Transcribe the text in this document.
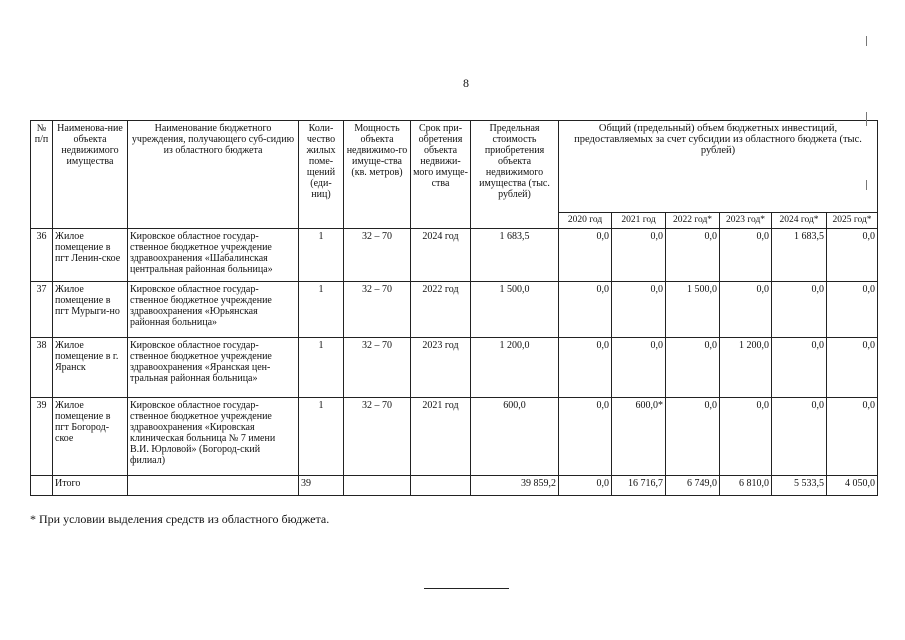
8
№ п/п	Наименова-ние объекта недвижимого имущества	Наименование бюджетного учреждения, получающего суб-сидию из областного бюджета	Коли-чество жилых поме-щений (еди-ниц)	Мощность объекта недвижимо-го имуще-ства (кв. метров)	Срок при-обретения объекта недвижи-мого имуще-ства	Предельная стоимость приобретения объекта недвижимого имущества (тыс. рублей)	Общий (предельный) объем бюджетных инвестиций, предоставляемых за счет субсидии из областного бюджета (тыс. рублей)					
							2020 год	2021 год	2022 год*	2023 год*	2024 год*	2025 год*
36	Жилое помещение в пгт Ленин-ское	Кировское областное государ-ственное бюджетное учреждение здравоохранения «Шабалинская центральная районная больница»	1	32 – 70	2024 год	1 683,5	0,0	0,0	0,0	0,0	1 683,5	0,0
37	Жилое помещение в пгт Мурыги-но	Кировское областное государ-ственное бюджетное учреждение здравоохранения «Юрьянская районная больница»	1	32 – 70	2022 год	1 500,0	0,0	0,0	1 500,0	0,0	0,0	0,0
38	Жилое помещение в г. Яранск	Кировское областное государ-ственное бюджетное учреждение здравоохранения «Яранская цен-тральная районная больница»	1	32 – 70	2023 год	1 200,0	0,0	0,0	0,0	1 200,0	0,0	0,0
39	Жилое помещение в пгт Богород-ское	Кировское областное государ-ственное бюджетное учреждение здравоохранения «Кировская клиническая больница № 7 имени В.И. Юрловой» (Богород-ский филиал)	1	32 – 70	2021 год	600,0	0,0	600,0*	0,0	0,0	0,0	0,0
	Итого		39			39 859,2	0,0	16 716,7	6 749,0	6 810,0	5 533,5	4 050,0
* При условии выделения средств из областного бюджета.
